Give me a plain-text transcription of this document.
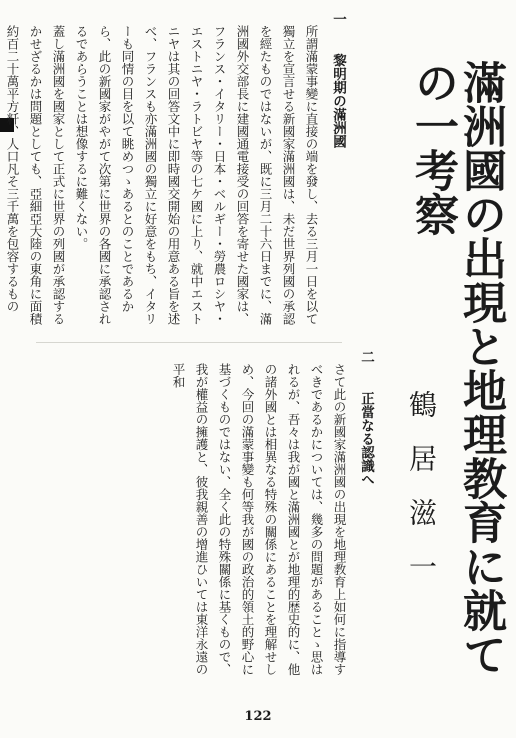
滿洲國の出現と地理教育に就ての一考察
鶴居滋一

一 黎明期の滿洲國

所謂滿蒙事變に直接の端を發し、去る三月一日を以て獨立を宣言せる新國家滿洲國は、未だ世界列國の承認を經たものではないが、既に三月二十六日までに、滿洲國外交部長に建國通電接受の回答を寄せた國家は、フランス・イタリー・日本・ベルギー・勞農ロシヤ・エストニヤ・ラトビヤ等の七ケ國に上り、就中エストニヤは其の回答文中に即時國交開始の用意ある旨を述べ、フランスも亦滿洲國の獨立に好意をもち、イタリーも同情の目を以て眺めつゝあるとのことであるから、此の新國家がやがて次第に世界の各國に承認されるであらうことは想像するに難くない。

蓋し滿洲國を國家として正式に世界の列國が承認するかせざるかは問題としても、亞細亞大陸の東角に面積約百二十萬平方粁、人口凡そ三千萬を包容するもの

二 正當なる認識へ

さて此の新國家滿洲國の出現を地理教育上如何に指導すべきであるかについては、幾多の問題があることゝ思はれるが、吾々は我が國と滿洲國とが地理的歴史的に、他の諸外國とは相異なる特殊の關係にあることを理解せしめ、今回の滿蒙事變も何等我が國の政治的領土的野心に基づくものではない、全く此の特殊關係に基くもので、我が權益の擁護と、彼我親善の增進ひいては東洋永遠の平和

122
